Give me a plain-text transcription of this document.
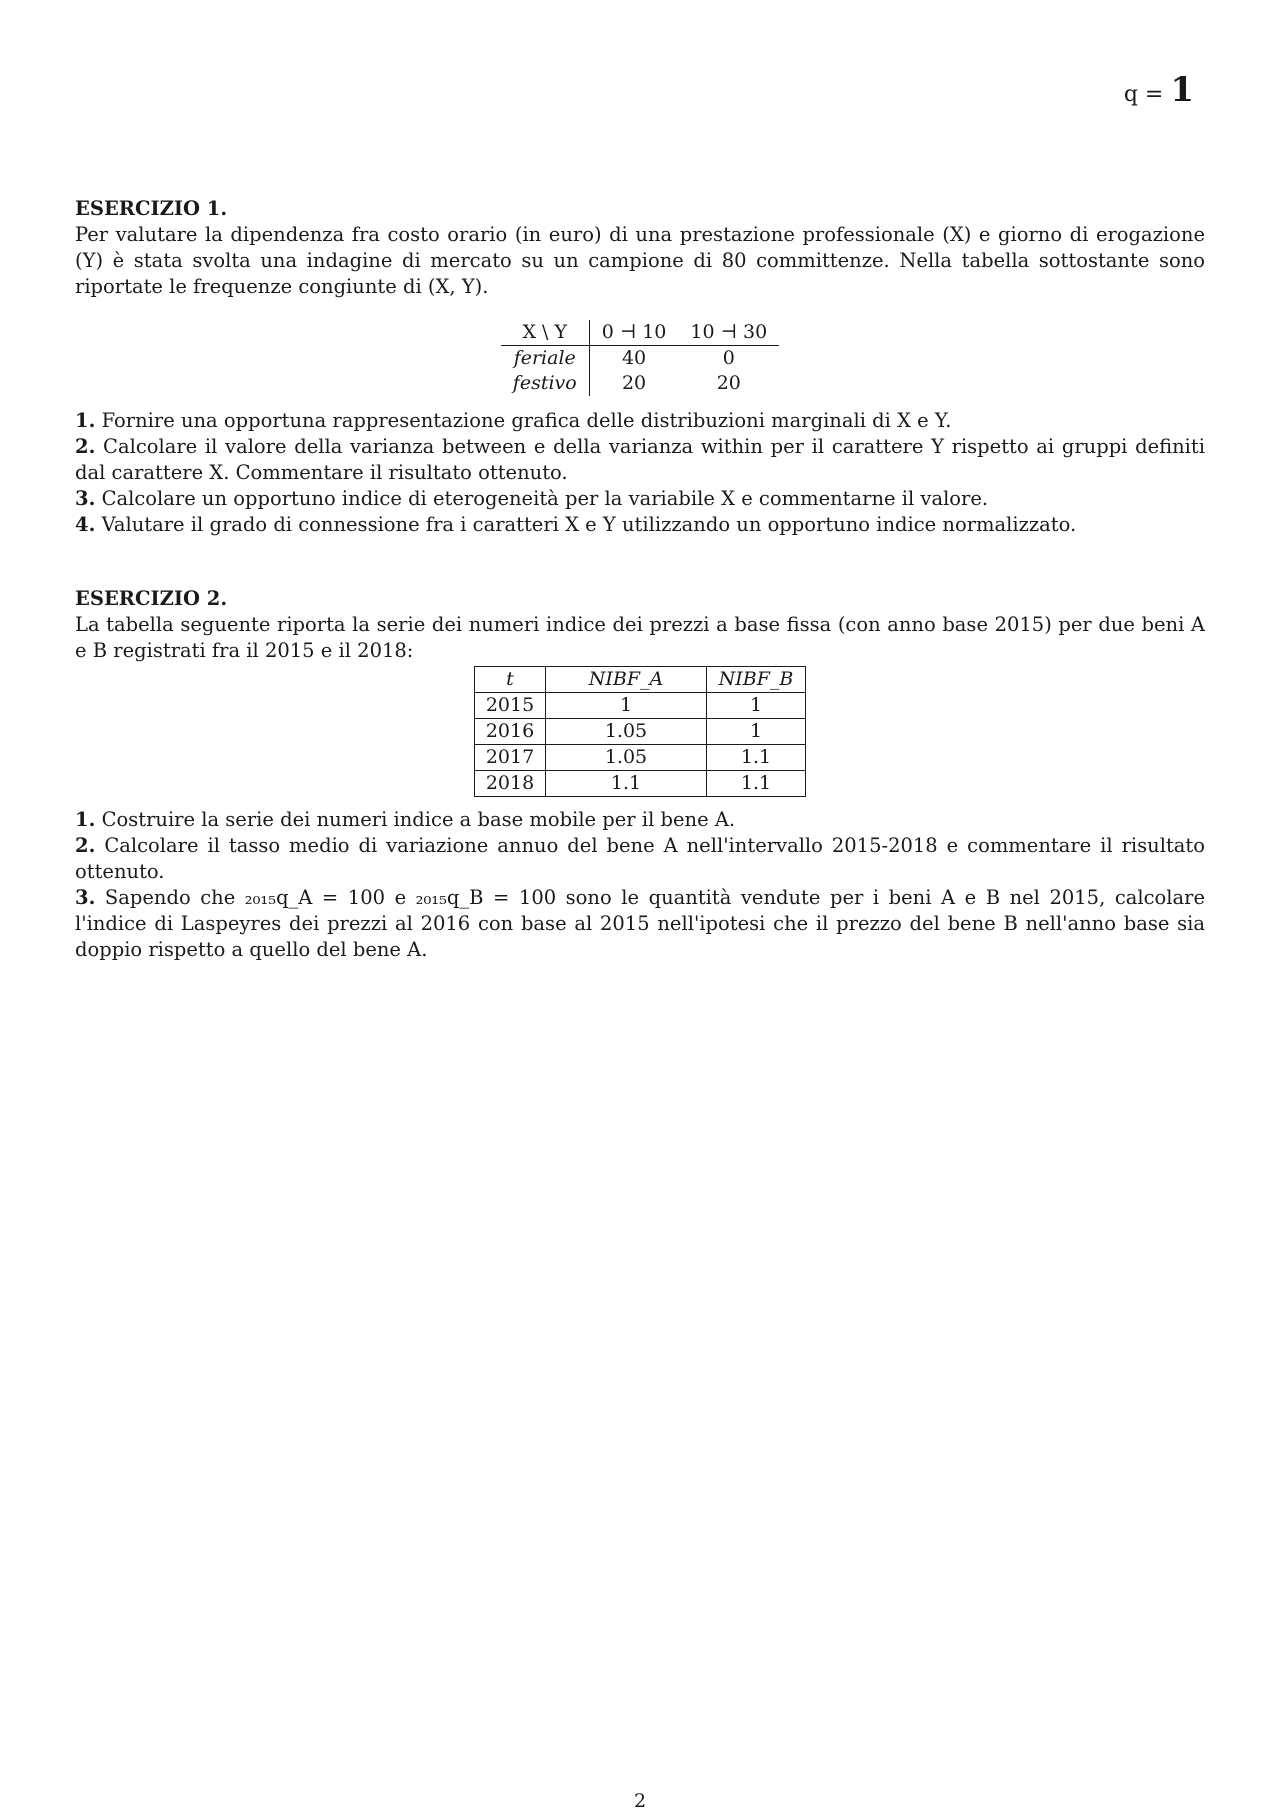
q = 1

ESERCIZIO 1.

Per valutare la dipendenza fra costo orario (in euro) di una prestazione professionale (X) e giorno di erogazione (Y) è stata svolta una indagine di mercato su un campione di 80 committenze. Nella tabella sottostante sono riportate le frequenze congiunte di (X, Y).

X \ Y	0 ⊣ 10	10 ⊣ 30
feriale	40	0
festivo	20	20

1. Fornire una opportuna rappresentazione grafica delle distribuzioni marginali di X e Y.

2. Calcolare il valore della varianza between e della varianza within per il carattere Y rispetto ai gruppi definiti dal carattere X. Commentare il risultato ottenuto.

3. Calcolare un opportuno indice di eterogeneità per la variabile X e commentarne il valore.

4. Valutare il grado di connessione fra i caratteri X e Y utilizzando un opportuno indice normalizzato.

ESERCIZIO 2.

La tabella seguente riporta la serie dei numeri indice dei prezzi a base fissa (con anno base 2015) per due beni A e B registrati fra il 2015 e il 2018:

t	NIBF_A	NIBF_B
2015	1	1
2016	1.05	1
2017	1.05	1.1
2018	1.1	1.1

1. Costruire la serie dei numeri indice a base mobile per il bene A.

2. Calcolare il tasso medio di variazione annuo del bene A nell'intervallo 2015-2018 e commentare il risultato ottenuto.

3. Sapendo che ₂₀₁₅q_A = 100 e ₂₀₁₅q_B = 100 sono le quantità vendute per i beni A e B nel 2015, calcolare l'indice di Laspeyres dei prezzi al 2016 con base al 2015 nell'ipotesi che il prezzo del bene B nell'anno base sia doppio rispetto a quello del bene A.

2
